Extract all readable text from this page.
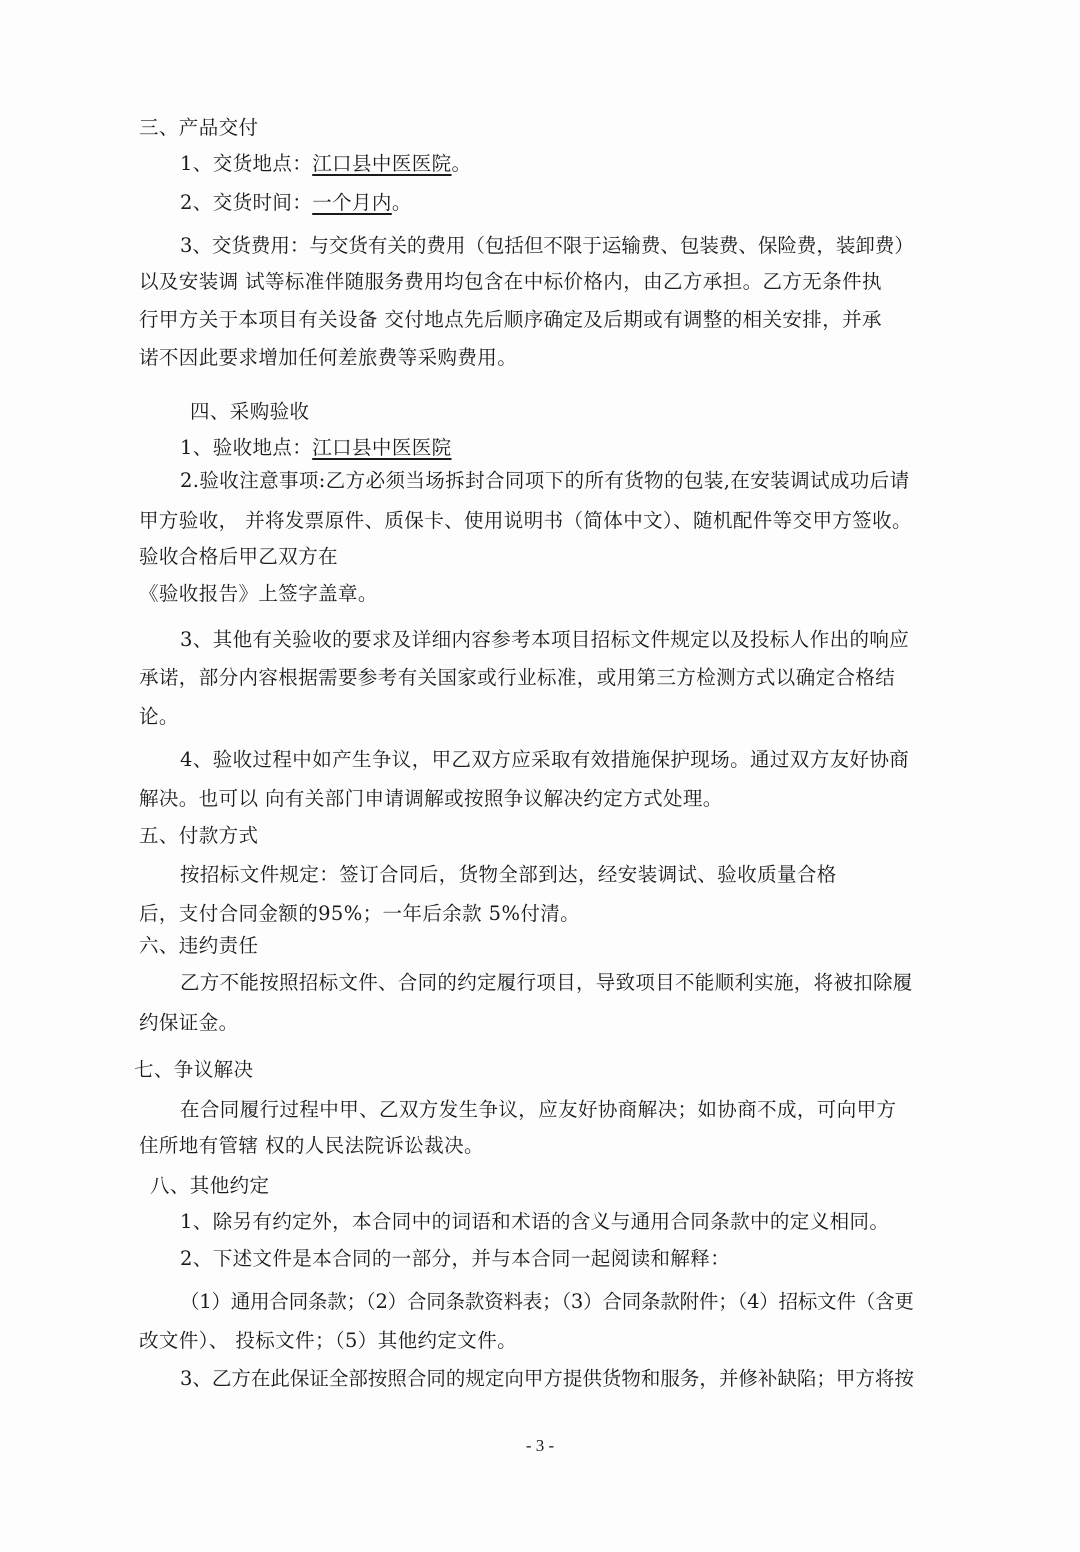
三、产品交付
1、交货地点：江口县中医医院。
2、交货时间：一个月内。
3、交货费用：与交货有关的费用（包括但不限于运输费、包装费、保险费，装卸费）
以及安装调 试等标准伴随服务费用均包含在中标价格内，由乙方承担。乙方无条件执
行甲方关于本项目有关设备 交付地点先后顺序确定及后期或有调整的相关安排，并承
诺不因此要求增加任何差旅费等采购费用。
四、采购验收
1、验收地点：江口县中医医院
2.验收注意事项:乙方必须当场拆封合同项下的所有货物的包装,在安装调试成功后请
甲方验收， 并将发票原件、质保卡、使用说明书（简体中文）、随机配件等交甲方签收。
验收合格后甲乙双方在
《验收报告》上签字盖章。
3、其他有关验收的要求及详细内容参考本项目招标文件规定以及投标人作出的响应
承诺，部分内容根据需要参考有关国家或行业标准，或用第三方检测方式以确定合格结
论。
4、验收过程中如产生争议，甲乙双方应采取有效措施保护现场。通过双方友好协商
解决。也可以 向有关部门申请调解或按照争议解决约定方式处理。
五、付款方式
按招标文件规定：签订合同后，货物全部到达，经安装调试、验收质量合格
后，支付合同金额的95%；一年后余款 5%付清。
六、违约责任
乙方不能按照招标文件、合同的约定履行项目，导致项目不能顺利实施，将被扣除履
约保证金。
七、争议解决
在合同履行过程中甲、乙双方发生争议，应友好协商解决；如协商不成，可向甲方
住所地有管辖 权的人民法院诉讼裁决。
八、其他约定
1、除另有约定外，本合同中的词语和术语的含义与通用合同条款中的定义相同。
2、下述文件是本合同的一部分，并与本合同一起阅读和解释：
（1）通用合同条款；（2）合同条款资料表；（3）合同条款附件；（4）招标文件（含更
改文件）、 投标文件；（5）其他约定文件。
3、乙方在此保证全部按照合同的规定向甲方提供货物和服务，并修补缺陷；甲方将按
- 3 -
